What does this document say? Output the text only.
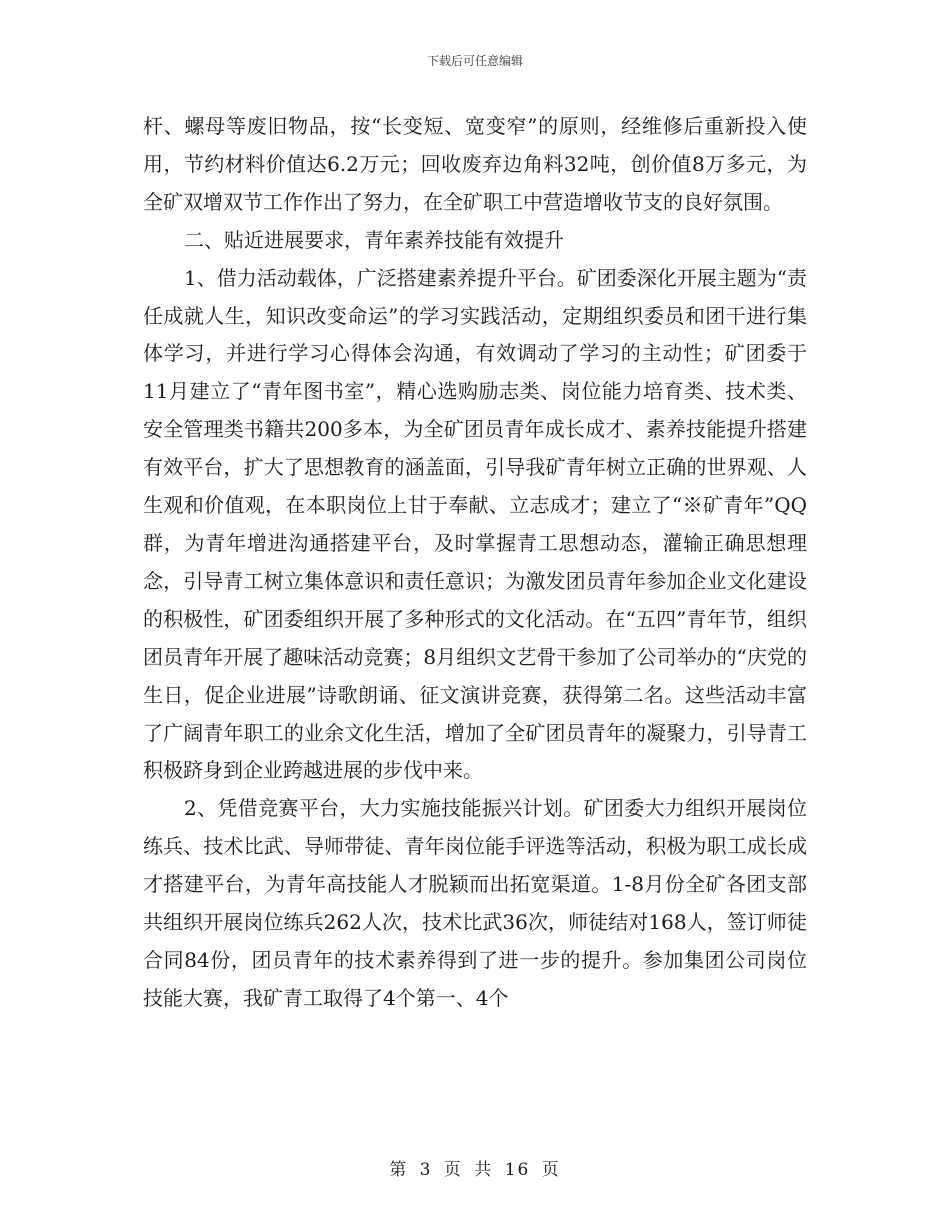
下载后可任意编辑

杆、螺母等废旧物品，按“长变短、宽变窄”的原则，经维修后重新投入使用，节约材料价值达6.2万元；回收废弃边角料32吨，创价值8万多元，为全矿双增双节工作作出了努力，在全矿职工中营造增收节支的良好氛围。

二、贴近进展要求，青年素养技能有效提升

1、借力活动载体，广泛搭建素养提升平台。矿团委深化开展主题为“责任成就人生，知识改变命运”的学习实践活动，定期组织委员和团干进行集体学习，并进行学习心得体会沟通，有效调动了学习的主动性；矿团委于11月建立了“青年图书室”，精心选购励志类、岗位能力培育类、技术类、安全管理类书籍共200多本，为全矿团员青年成长成才、素养技能提升搭建有效平台，扩大了思想教育的涵盖面，引导我矿青年树立正确的世界观、人生观和价值观，在本职岗位上甘于奉献、立志成才；建立了“※矿青年”QQ群，为青年增进沟通搭建平台，及时掌握青工思想动态，灌输正确思想理念，引导青工树立集体意识和责任意识；为激发团员青年参加企业文化建设的积极性，矿团委组织开展了多种形式的文化活动。在“五四”青年节，组织团员青年开展了趣味活动竞赛；8月组织文艺骨干参加了公司举办的“庆党的生日，促企业进展”诗歌朗诵、征文演讲竞赛，获得第二名。这些活动丰富了广阔青年职工的业余文化生活，增加了全矿团员青年的凝聚力，引导青工积极跻身到企业跨越进展的步伐中来。

2、凭借竞赛平台，大力实施技能振兴计划。矿团委大力组织开展岗位练兵、技术比武、导师带徒、青年岗位能手评选等活动，积极为职工成长成才搭建平台，为青年高技能人才脱颖而出拓宽渠道。1-8月份全矿各团支部共组织开展岗位练兵262人次，技术比武36次，师徒结对168人，签订师徒合同84份，团员青年的技术素养得到了进一步的提升。参加集团公司岗位技能大赛，我矿青工取得了4个第一、4个

第 3 页 共 16 页
